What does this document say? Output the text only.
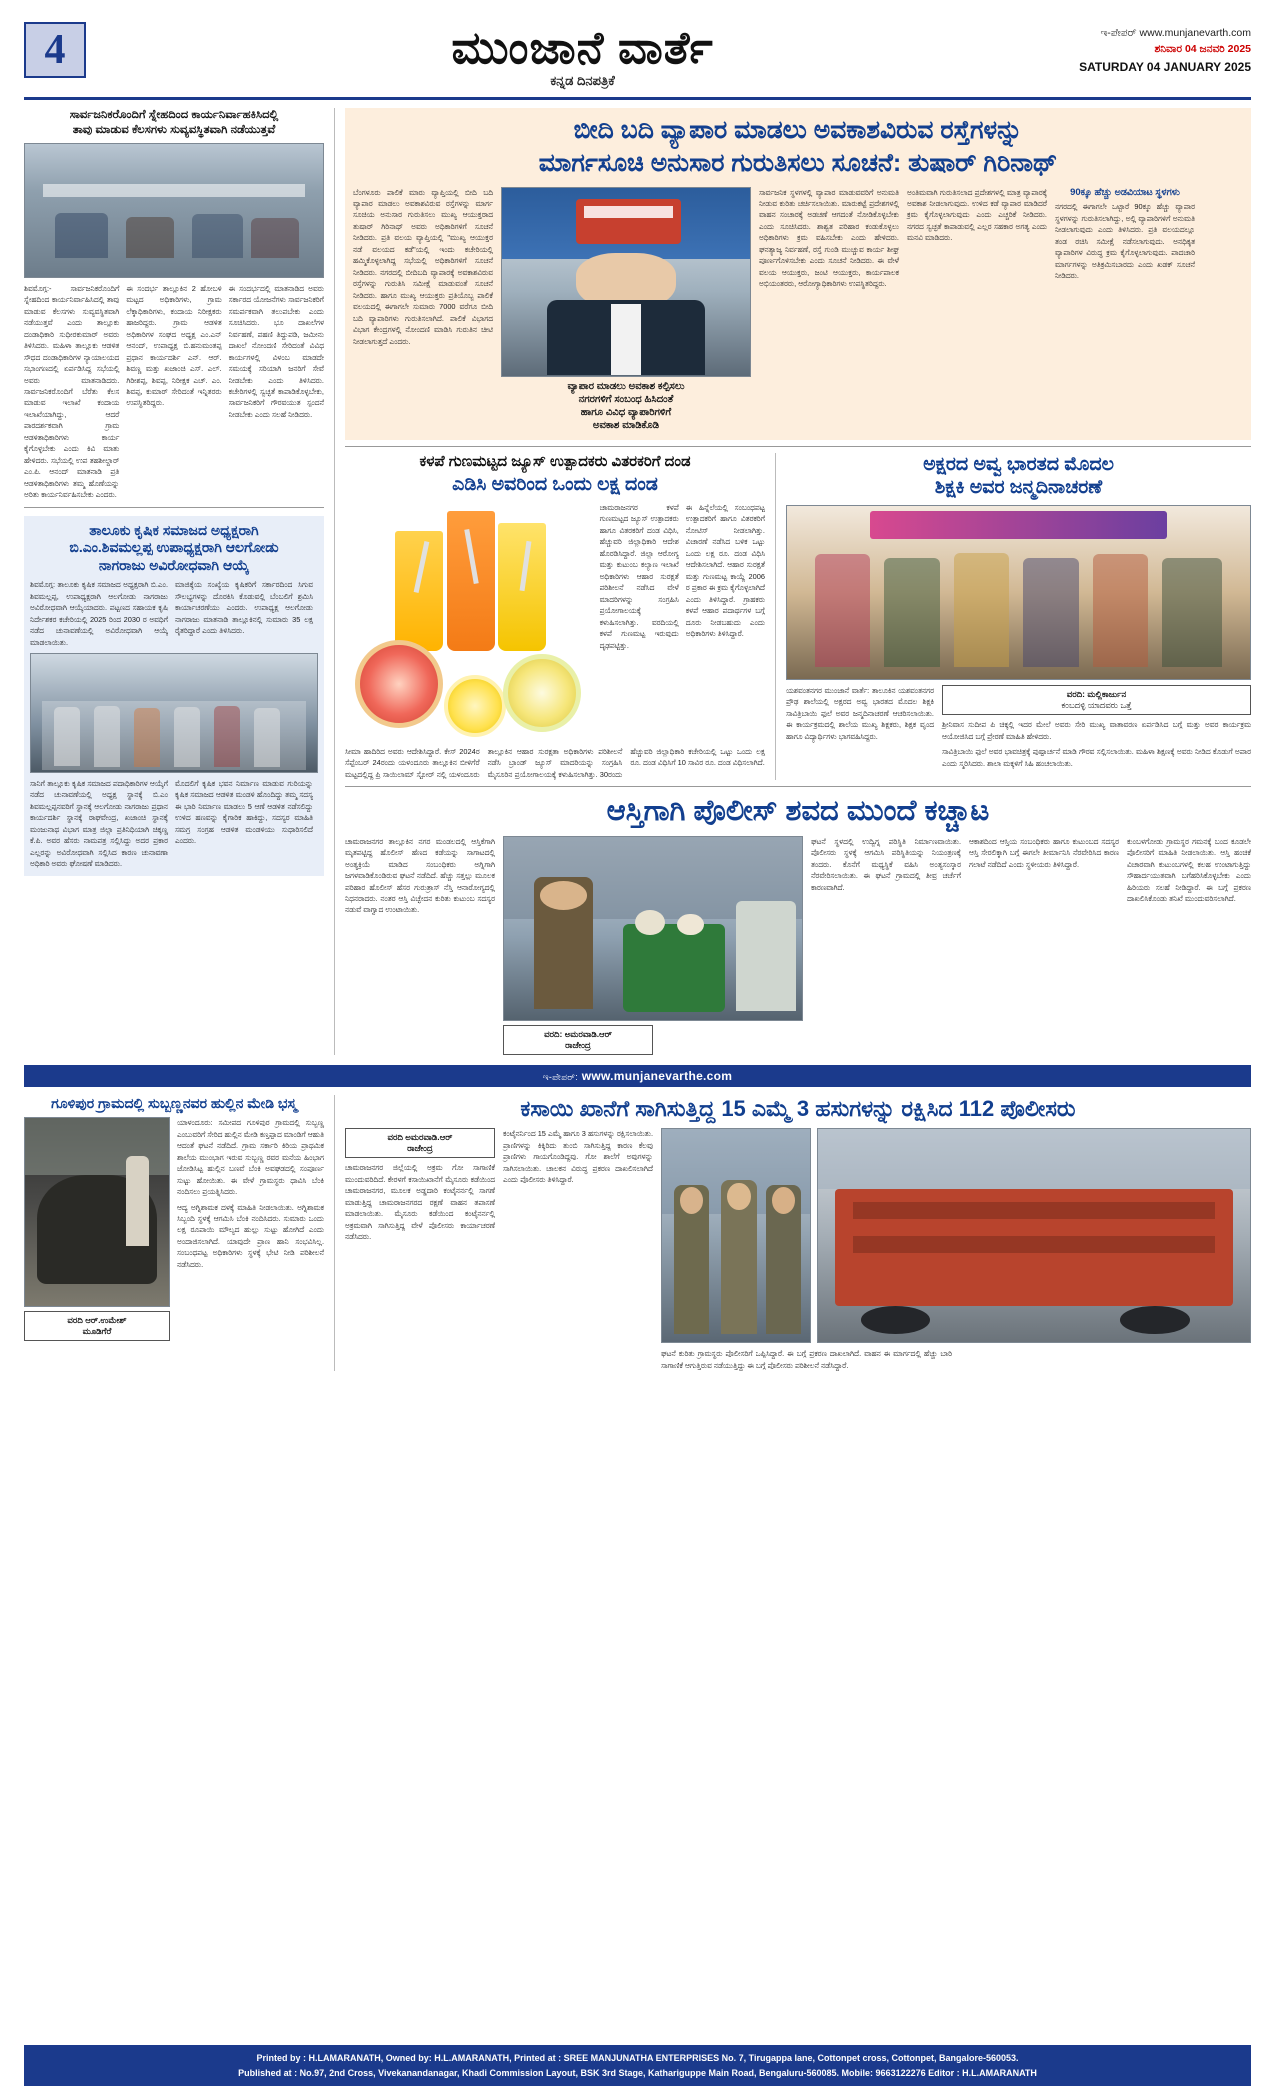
4	ಮುಂಜಾನೆ ವಾರ್ತೆ
ಕನ್ನಡ ದಿನಪತ್ರಿಕೆ
ಇ-ಪೇಪರ್ www.munjanevarth.com
ಶನಿವಾರ 04 ಜನವರಿ 2025
SATURDAY 04 JANUARY 2025
ಸಾರ್ವಜನಿಕರೊಂದಿಗೆ ಸ್ನೇಹದಿಂದ ಕಾರ್ಯನಿರ್ವಾಹಕಿಸಿದಲ್ಲಿ
ತಾವು ಮಾಡುವ ಕೆಲಸಗಳು ಸುವ್ಯವಸ್ಥಿತವಾಗಿ ನಡೆಯುತ್ತವೆ
ಶಿವಮೊಗ್ಗ:- ಸಾರ್ವಜನಿಕರೊಂದಿಗೆ ಸ್ನೇಹದಿಂದ ಕಾರ್ಯನಿರ್ವಾಹಿಸಿದಲ್ಲಿ ತಾವು ಮಾಡುವ ಕೆಲಸಗಳು ಸುವ್ಯವಸ್ಥಿತವಾಗಿ ನಡೆಯುತ್ತವೆ ಎಂದು ತಾಲ್ಲೂಕು ದಂಡಾಧಿಕಾರಿ ಸುಧೀರಕುಮಾರ್ ಅವರು ತಿಳಿಸಿದರು. ಮಹಿಳಾ ತಾಲ್ಲೂಕು ಆಡಳಿತ ಸೌಧದ ದಂಡಾಧಿಕಾರಿಗಳ ನ್ಯಾಯಾಲಯದ ಸಭಾಂಗಣದಲ್ಲಿ ಏರ್ಪಡಿಸಿದ್ದ ಸಭೆಯಲ್ಲಿ ಅವರು ಮಾತನಾಡಿದರು. ಸಾರ್ವಜನಿಕರೊಂದಿಗೆ ಬೆರೆತು ಕೆಲಸ ಮಾಡುವ ಇಲಾಖೆ ಕಂದಾಯ ಇಲಾಖೆಯಾಗಿದ್ದು, ಆದರೆ ಪಾರದರ್ಶಕವಾಗಿ ಗ್ರಾಮ ಆಡಳಿತಾಧಿಕಾರಿಗಳು ಕಾರ್ಯ ಕೈಗೊಳ್ಳಬೇಕು ಎಂದು ಕಿವಿ ಮಾತು ಹೇಳಿದರು. ಸಭೆಯಲ್ಲಿ ಉಪ ತಹಶೀಲ್ದಾರ್ ಎಂ.ಪಿ. ಆನಂದ್ ಮಾತನಾಡಿ ಪ್ರತಿ ಆಡಳಿತಾಧಿಕಾರಿಗಳು ತಮ್ಮ ಹೊಣೆಯನ್ನು ಅರಿತು ಕಾರ್ಯನಿರ್ವಹಿಸಬೇಕು ಎಂದರು.
ಈ ಸಂದರ್ಭ ತಾಲ್ಲೂಕಿನ 2 ಹೋಬಳಿ ಮಟ್ಟದ ಅಧಿಕಾರಿಗಳು, ಗ್ರಾಮ ಲೆಕ್ಕಾಧಿಕಾರಿಗಳು, ಕಂದಾಯ ನಿರೀಕ್ಷಕರು ಹಾಜರಿದ್ದರು. ಗ್ರಾಮ ಆಡಳಿತ ಅಧಿಕಾರಿಗಳ ಸಂಘದ ಅಧ್ಯಕ್ಷ ಎಂ.ಎನ್ ಆನಂದ್, ಉಪಾಧ್ಯಕ್ಷ ಬಿ.ಹನುಮಂತಪ್ಪ ಪ್ರಧಾನ ಕಾರ್ಯದರ್ಶಿ ಎನ್. ಆರ್. ಶಿವಣ್ಣ ಮತ್ತು ಖಜಾಂಚಿ ಎಸ್. ಎಲ್. ಗಿರೀಶಪ್ಪ, ಶಿವಪ್ಪ, ನಿರೀಕ್ಷಕ ಎಚ್. ಎಂ. ಶಿವಪ್ಪ, ಕುಮಾರ್ ಸೇರಿದಂತೆ ಇನ್ನಿತರರು ಉಪಸ್ಥಿತರಿದ್ದರು.
ಈ ಸಂದರ್ಭದಲ್ಲಿ ಮಾತನಾಡಿದ ಅವರು ಸರ್ಕಾರದ ಯೋಜನೆಗಳು ಸಾರ್ವಜನಿಕರಿಗೆ ಸಮರ್ಪಕವಾಗಿ ತಲುಪಬೇಕು ಎಂದು ಸೂಚಿಸಿದರು. ಭೂ ದಾಖಲೆಗಳ ನಿರ್ವಹಣೆ, ಪಹಣಿ ತಿದ್ದುಪಡಿ, ಜಮೀನು ದಾಖಲೆ ನೋಂದಣಿ ಸೇರಿದಂತೆ ವಿವಿಧ ಕಾರ್ಯಗಳಲ್ಲಿ ವಿಳಂಬ ಮಾಡದೇ ಸಮಯಕ್ಕೆ ಸರಿಯಾಗಿ ಜನರಿಗೆ ಸೇವೆ ನೀಡಬೇಕು ಎಂದು ತಿಳಿಸಿದರು. ಕಚೇರಿಗಳಲ್ಲಿ ಸ್ವಚ್ಛತೆ ಕಾಪಾಡಿಕೊಳ್ಳಬೇಕು, ಸಾರ್ವಜನಿಕರಿಗೆ ಗೌರವಯುತ ಸ್ಪಂದನೆ ನೀಡಬೇಕು ಎಂದು ಸಲಹೆ ನೀಡಿದರು.
ತಾಲೂಕು ಕೃಷಿಕ ಸಮಾಜದ ಅಧ್ಯಕ್ಷರಾಗಿ
ಬಿ.ಎಂ.ಶಿವಮಲ್ಲಪ್ಪ ಉಪಾಧ್ಯಕ್ಷರಾಗಿ ಆಲಗೋಡು
ನಾಗರಾಜು ಅವಿರೋಧವಾಗಿ ಆಯ್ಕೆ
ಶಿವಮೊಗ್ಗ: ತಾಲೂಕು ಕೃಷಿಕ ಸಮಾಜದ ಅಧ್ಯಕ್ಷರಾಗಿ ಬಿ.ಎಂ. ಶಿವಮಲ್ಲಪ್ಪ, ಉಪಾಧ್ಯಕ್ಷರಾಗಿ ಆಲಗೋಡು ನಾಗರಾಜು ಅವಿರೋಧವಾಗಿ ಆಯ್ಕೆಯಾದರು. ಪಟ್ಟಣದ ಸಹಾಯಕ ಕೃಷಿ ನಿರ್ದೇಶಕರ ಕಚೇರಿಯಲ್ಲಿ 2025 ರಿಂದ 2030 ರ ಅವಧಿಗೆ ನಡೆದ ಚುನಾವಣೆಯಲ್ಲಿ ಅವಿರೋಧವಾಗಿ ಆಯ್ಕೆ ಮಾಡಲಾಯಿತು.
ಮಾಜಿಕ್ಕೆಯ ಸಂಖ್ಯೆಯ ಕೃಷಿಕರಿಗೆ ಸರ್ಕಾರದಿಂದ ಸಿಗುವ ಸೌಲಭ್ಯಗಳನ್ನು ದೊರಕಿಸಿ ಕೊಡುವಲ್ಲಿ ಬೆಂಬಲಿಗೆ ಶ್ರಮಿಸಿ ಕಾರ್ಯಾಚರಣೆಯು ಎಂದರು. ಉಪಾಧ್ಯಕ್ಷ ಆಲಗೋಡು ನಾಗರಾಜು ಮಾತನಾಡಿ ತಾಲ್ಲೂಕಿನಲ್ಲಿ ಸುಮಾರು 35 ಲಕ್ಷ ರೈತರಿದ್ದಾರೆ ಎಂದು ತಿಳಿಸಿದರು.
ಸಾನಿಗೆ ತಾಲ್ಲೂಕು ಕೃಷಿಕ ಸಮಾಜದ ಪದಾಧಿಕಾರಿಗಳ ಆಯ್ಕೆಗೆ ನಡೆದ ಚುನಾವಣೆಯಲ್ಲಿ ಅಧ್ಯಕ್ಷ ಸ್ಥಾನಕ್ಕೆ ಬಿ.ಎಂ ಶಿವಮಲ್ಲಪ್ಪನವರಿಗೆ ಸ್ಥಾನಕ್ಕೆ ಆಲಗೋಡು ನಾಗರಾಜು ಪ್ರಧಾನ ಕಾರ್ಯದರ್ಶಿ ಸ್ಥಾನಕ್ಕೆ ರಾಘವೇಂದ್ರ, ಖಜಾಂಚಿ ಸ್ಥಾನಕ್ಕೆ ಮಂಜುನಾಥ ವಿಭಾಗ ಮಾತ್ರ ಜಿಲ್ಲಾ ಪ್ರತಿನಿಧಿಯಾಗಿ ಚಿಕ್ಕಣ್ಣ ಕೆ.ಪಿ. ಅವರ ಹೆಸರು ನಾಮಪತ್ರ ಸಲ್ಲಿಸಿದ್ದು ಅದರ ಪ್ರಕಾರ ಎಲ್ಲರನ್ನು ಅವಿರೋಧವಾಗಿ ಸಲ್ಲಿಸಿದ ಕಾರಣ ಚುನಾವಣಾ ಅಧಿಕಾರಿ ಅವರು ಘೋಷಣೆ ಮಾಡಿದರು.
ಮೊದಲಿಗೆ ಕೃಷಿಕ ಭವನ ನಿರ್ಮಾಣ ಮಾಡುವ ಗುರಿಯನ್ನು ಕೃಷಿಕ ಸಮಾಜದ ಆಡಳಿತ ಮಂಡಳಿ ಹೊಂದಿದ್ದು ತಮ್ಮ ಸದಸ್ಯ ಈ ಭಾರಿ ನಿರ್ಮಾಣ ಮಾಡಲು 5 ಆಣೆ ಆಡಳಿತ ನಡೆಸಲಿದ್ದು ಉಳಿದ ಹಣವನ್ನು ಕೈಗಾರಿಕ ಹಾಕಿದ್ದು, ಸದಸ್ಯರ ಮಾಹಿತಿ ಸಮಗ್ರ ಸಂಗ್ರಹ ಆಡಳಿತ ಮಂಡಳಿಯು ಸುಧಾರಿಸಲಿದೆ ಎಂದರು.
ಬೀದಿ ಬದಿ ವ್ಯಾಪಾರ ಮಾಡಲು ಅವಕಾಶವಿರುವ ರಸ್ತೆಗಳನ್ನು
ಮಾರ್ಗಸೂಚಿ ಅನುಸಾರ ಗುರುತಿಸಲು ಸೂಚನೆ: ತುಷಾರ್ ಗಿರಿನಾಥ್
ಬೆಂಗಳೂರು ಪಾಲಿಕೆ ಮಾರು ವ್ಯಾಪ್ತಿಯಲ್ಲಿ ಬೀದಿ ಬದಿ ವ್ಯಾಪಾರ ಮಾಡಲು ಅವಕಾಶವಿರುವ ರಸ್ತೆಗಳನ್ನು ಮಾರ್ಗ ಸೂಚಿಯ ಅನುಸಾರ ಗುರುತಿಸಲು ಮುಖ್ಯ ಆಯುಕ್ತರಾದ ತುಷಾರ್ ಗಿರಿನಾಥ್ ಅವರು ಅಧಿಕಾರಿಗಳಿಗೆ ಸೂಚನೆ ನೀಡಿದರು. ಪ್ರತಿ ವಲಯ ವ್ಯಾಪ್ತಿಯಲ್ಲಿ "ಮುಖ್ಯ ಆಯುಕ್ತರ ನಡೆ ವಲಯದ ಕಡೆ"ಯಲ್ಲಿ ಇಂದು ಕಚೇರಿಯಲ್ಲಿ ಹಮ್ಮಿಕೊಳ್ಳಲಾಗಿದ್ದ ಸಭೆಯಲ್ಲಿ ಅಧಿಕಾರಿಗಳಿಗೆ ಸೂಚನೆ ನೀಡಿದರು. ನಗರದಲ್ಲಿ ಬೀದಿಬದಿ ವ್ಯಾಪಾರಕ್ಕೆ ಅವಕಾಶವಿರುವ ರಸ್ತೆಗಳನ್ನು ಗುರುತಿಸಿ ಸಮೀಕ್ಷೆ ಮಾಡುವಂತೆ ಸೂಚನೆ ನೀಡಿದರು. ಹಾಗೂ ಮುಖ್ಯ ಆಯುಕ್ತರು ಪ್ರತಿಯೊಬ್ಬ ಪಾಲಿಕೆ ವಲಯದಲ್ಲಿ ಈಗಾಗಲೇ ಸುಮಾರು 7000 ವರೆಗೂ ಬೀದಿ ಬದಿ ವ್ಯಾಪಾರಿಗಳು ಗುರುತಿಸಲಾಗಿದೆ. ಪಾಲಿಕೆ ವಿಭಾಗದ ವಿಭಾಗ ಕೇಂದ್ರಗಳಲ್ಲಿ ನೋಂದಣಿ ಮಾಡಿಸಿ ಗುರುತಿನ ಚೀಟಿ ನೀಡಲಾಗುತ್ತದೆ ಎಂದರು.
ವ್ಯಾಪಾರ ಮಾಡಲು ಅವಕಾಶ ಕಲ್ಪಿಸಲು
ನಗರಗಳಿಗೆ ಸಂಬಂಧ ಹಿಸಿದಂತೆ
ಹಾಗೂ ವಿವಿಧ ವ್ಯಾಪಾರಿಗಳಿಗೆ
ಅವಕಾಶ ಮಾಡಿಕೊಡಿ
ಸಾರ್ವಜನಿಕ ಸ್ಥಳಗಳಲ್ಲಿ ವ್ಯಾಪಾರ ಮಾಡುವವರಿಗೆ ಅನುಮತಿ ನೀಡುವ ಕುರಿತು ಚರ್ಚಿಸಲಾಯಿತು. ಮಾರುಕಟ್ಟೆ ಪ್ರದೇಶಗಳಲ್ಲಿ ವಾಹನ ಸಂಚಾರಕ್ಕೆ ಅಡಚಣೆ ಆಗದಂತೆ ನೋಡಿಕೊಳ್ಳಬೇಕು ಎಂದು ಸೂಚಿಸಿದರು. ಶಾಶ್ವತ ಪರಿಹಾರ ಕಂಡುಕೊಳ್ಳಲು ಅಧಿಕಾರಿಗಳು ಕ್ರಮ ವಹಿಸಬೇಕು ಎಂದು ಹೇಳಿದರು. ಘನತ್ಯಾಜ್ಯ ನಿರ್ವಹಣೆ, ರಸ್ತೆ ಗುಂಡಿ ಮುಚ್ಚುವ ಕಾರ್ಯ ಶೀಘ್ರ ಪೂರ್ಣಗೊಳಿಸಬೇಕು ಎಂದು ಸೂಚನೆ ನೀಡಿದರು. ಈ ವೇಳೆ ವಲಯ ಆಯುಕ್ತರು, ಜಂಟಿ ಆಯುಕ್ತರು, ಕಾರ್ಯಪಾಲಕ ಅಭಿಯಂತರರು, ಆರೋಗ್ಯಾಧಿಕಾರಿಗಳು ಉಪಸ್ಥಿತರಿದ್ದರು.
ಅಂತಿಮವಾಗಿ ಗುರುತಿಸಲಾದ ಪ್ರದೇಶಗಳಲ್ಲಿ ಮಾತ್ರ ವ್ಯಾಪಾರಕ್ಕೆ ಅವಕಾಶ ನೀಡಲಾಗುವುದು. ಉಳಿದ ಕಡೆ ವ್ಯಾಪಾರ ಮಾಡಿದರೆ ಕ್ರಮ ಕೈಗೊಳ್ಳಲಾಗುವುದು ಎಂದು ಎಚ್ಚರಿಕೆ ನೀಡಿದರು. ನಗರದ ಸ್ವಚ್ಛತೆ ಕಾಪಾಡುವಲ್ಲಿ ಎಲ್ಲರ ಸಹಕಾರ ಅಗತ್ಯ ಎಂದು ಮನವಿ ಮಾಡಿದರು.
90ಕ್ಕೂ ಹೆಚ್ಚು ಅಡವಿಯಾಟ ಸ್ಥಳಗಳು
ನಗರದಲ್ಲಿ ಈಗಾಗಲೇ ಒಟ್ಟಾರೆ 90ಕ್ಕೂ ಹೆಚ್ಚು ವ್ಯಾಪಾರ ಸ್ಥಳಗಳನ್ನು ಗುರುತಿಸಲಾಗಿದ್ದು, ಅಲ್ಲಿ ವ್ಯಾಪಾರಿಗಳಿಗೆ ಅನುಮತಿ ನೀಡಲಾಗುವುದು ಎಂದು ತಿಳಿಸಿದರು. ಪ್ರತಿ ವಲಯದಲ್ಲೂ ತಂಡ ರಚಿಸಿ ಸಮೀಕ್ಷೆ ನಡೆಸಲಾಗುವುದು. ಅನಧಿಕೃತ ವ್ಯಾಪಾರಿಗಳ ವಿರುದ್ಧ ಕ್ರಮ ಕೈಗೊಳ್ಳಲಾಗುವುದು. ಪಾದಚಾರಿ ಮಾರ್ಗಗಳನ್ನು ಅತಿಕ್ರಮಿಸಬಾರದು ಎಂದು ಖಡಕ್ ಸೂಚನೆ ನೀಡಿದರು.
ಕಳಪೆ ಗುಣಮಟ್ಟದ ಜ್ಯೂಸ್ ಉತ್ಪಾದಕರು ವಿತರಕರಿಗೆ ದಂಡ
ಎಡಿಸಿ ಅವರಿಂದ ಒಂದು ಲಕ್ಷ ದಂಡ
ಚಾಮರಾಜನಗರ ಕಳಪೆ ಗುಣಮಟ್ಟದ ಜ್ಯೂಸ್ ಉತ್ಪಾದಕರು ಹಾಗೂ ವಿತರಕರಿಗೆ ದಂಡ ವಿಧಿಸಿ, ಹೆಚ್ಚುವರಿ ಜಿಲ್ಲಾಧಿಕಾರಿ ಆದೇಶ ಹೊರಡಿಸಿದ್ದಾರೆ. ಜಿಲ್ಲಾ ಆರೋಗ್ಯ ಮತ್ತು ಕುಟುಂಬ ಕಲ್ಯಾಣ ಇಲಾಖೆ ಅಧಿಕಾರಿಗಳು ಆಹಾರ ಸುರಕ್ಷತೆ ಪರಿಶೀಲನೆ ನಡೆಸಿದ ವೇಳೆ ಮಾದರಿಗಳನ್ನು ಸಂಗ್ರಹಿಸಿ ಪ್ರಯೋಗಾಲಯಕ್ಕೆ ಕಳುಹಿಸಲಾಗಿತ್ತು. ವರದಿಯಲ್ಲಿ ಕಳಪೆ ಗುಣಮಟ್ಟ ಇರುವುದು ದೃಢಪಟ್ಟಿತ್ತು.
ಈ ಹಿನ್ನೆಲೆಯಲ್ಲಿ ಸಂಬಂಧಪಟ್ಟ ಉತ್ಪಾದಕರಿಗೆ ಹಾಗೂ ವಿತರಕರಿಗೆ ನೋಟಿಸ್ ನೀಡಲಾಗಿತ್ತು. ವಿಚಾರಣೆ ನಡೆಸಿದ ಬಳಿಕ ಒಟ್ಟು ಒಂದು ಲಕ್ಷ ರೂ. ದಂಡ ವಿಧಿಸಿ ಆದೇಶಿಸಲಾಗಿದೆ. ಆಹಾರ ಸುರಕ್ಷತೆ ಮತ್ತು ಗುಣಮಟ್ಟ ಕಾಯ್ದೆ 2006 ರ ಪ್ರಕಾರ ಈ ಕ್ರಮ ಕೈಗೊಳ್ಳಲಾಗಿದೆ ಎಂದು ತಿಳಿಸಿದ್ದಾರೆ. ಗ್ರಾಹಕರು ಕಳಪೆ ಆಹಾರ ಪದಾರ್ಥಗಳ ಬಗ್ಗೆ ದೂರು ನೀಡಬಹುದು ಎಂದು ಅಧಿಕಾರಿಗಳು ತಿಳಿಸಿದ್ದಾರೆ.
ಸೀಮಾ ಹಾದಿರಿದ ಅವರು ಆದೇಶಿಸಿದ್ದಾರೆ. ಕೇಸ್ 2024ರ ಸೆಪ್ಟೆಂಬರ್ 24ರಂದು ಯಳಂದೂರು ತಾಲ್ಲೂಕಿನ ಬೀಳಿಗೆರೆ ಮಟ್ಟದಲ್ಲಿದ್ದ ಪ್ರಿ ಸಾಯಿಲಾಮ್ ಸ್ಟೋರ್ ನಲ್ಲಿ ಯಳಂದೂರು ತಾಲ್ಲೂಕಿನ ಆಹಾರ ಸುರಕ್ಷತಾ ಅಧಿಕಾರಿಗಳು ಪರಿಶೀಲನೆ ನಡೆಸಿ ಬ್ರಾಂಡ್ ಜ್ಯೂಸ್ ಮಾದರಿಯನ್ನು ಸಂಗ್ರಹಿಸಿ ಮೈಸೂರಿನ ಪ್ರಯೋಗಾಲಯಕ್ಕೆ ಕಳುಹಿಸಲಾಗಿತ್ತು. 30ರಂದು ಹೆಚ್ಚುವರಿ ಜಿಲ್ಲಾಧಿಕಾರಿ ಕಚೇರಿಯಲ್ಲಿ ಒಟ್ಟು ಒಂದು ಲಕ್ಷ ರೂ. ದಂಡ ವಿಧಿಸಿಗೆ 10 ಸಾವಿರ ರೂ. ದಂಡ ವಿಧಿಸಲಾಗಿದೆ.
ಅಕ್ಷರದ ಅವ್ವ ಭಾರತದ ಮೊದಲ
ಶಿಕ್ಷಕಿ ಅವರ ಜನ್ಮದಿನಾಚರಣೆ
ಯಶವಂತನಗರ ಮುಂಜಾನೆ ವಾರ್ತೆ: ತಾಲೂಕಿನ ಯಶವಂತನಗರ ಪ್ರೌಢ ಶಾಲೆಯಲ್ಲಿ ಅಕ್ಷರದ ಅವ್ವ ಭಾರತದ ಮೊದಲ ಶಿಕ್ಷಕಿ ಸಾವಿತ್ರಿಬಾಯಿ ಫುಲೆ ಅವರ ಜನ್ಮದಿನಾಚರಣೆ ಆಚರಿಸಲಾಯಿತು. ಈ ಕಾರ್ಯಕ್ರಮದಲ್ಲಿ ಶಾಲೆಯ ಮುಖ್ಯ ಶಿಕ್ಷಕರು, ಶಿಕ್ಷಕ ವೃಂದ ಹಾಗೂ ವಿದ್ಯಾರ್ಥಿಗಳು ಭಾಗವಹಿಸಿದ್ದರು.
ವರದಿ: ಮಲ್ಲಿಕಾರ್ಜುನ
ಕಂಬದಳ್ಳಿ ಯಾದವರು ಒತ್ತೆ
ಶ್ರೀನಿವಾಸ ಸುದೀಪ ಪಿ ಚಿಕ್ಕಲ್ಲಿ ಇದರ ಮೇಲೆ ಅವರು ಸೇರಿ ಮುಖ್ಯ ವಾತಾವರಣ ಏರ್ಪಡಿಸಿದ ಬಗ್ಗೆ ಮತ್ತು ಅವರ ಕಾರ್ಯಕ್ರಮ ಆಯೋಜಿಸಿದ ಬಗ್ಗೆ ಪ್ರೇರಣೆ ಮಾಹಿತಿ ಹೇಳಿದರು.
ಸಾವಿತ್ರಿಬಾಯಿ ಫುಲೆ ಅವರ ಭಾವಚಿತ್ರಕ್ಕೆ ಪುಷ್ಪಾರ್ಚನೆ ಮಾಡಿ ಗೌರವ ಸಲ್ಲಿಸಲಾಯಿತು. ಮಹಿಳಾ ಶಿಕ್ಷಣಕ್ಕೆ ಅವರು ನೀಡಿದ ಕೊಡುಗೆ ಅಪಾರ ಎಂದು ಸ್ಮರಿಸಿದರು. ಶಾಲಾ ಮಕ್ಕಳಿಗೆ ಸಿಹಿ ಹಂಚಲಾಯಿತು.
ಆಸ್ತಿಗಾಗಿ ಪೊಲೀಸ್ ಶವದ ಮುಂದೆ ಕಚ್ಚಾಟ
ಚಾಮರಾಜನಗರ ತಾಲ್ಲೂಕಿನ ನಗರ ಮಂಡಲದಲ್ಲಿ ಆಸ್ತಿಕೆಗಾಗಿ ಮೃತಪಟ್ಟಿದ್ದ ಹೊಲೀಸ್ ಹೆಣದ ಕಡೆಯನ್ನು ಸಾಗಾಟದಲ್ಲಿ ಅಂತ್ಯಕ್ರಿಯೆ ಮಾಡಿದ ಸಂಬಂಧಿಕರು ಅಗ್ನಿಗಾಗಿ ಜಗಳವಾಡಿಕೊಂಡಿರುವ ಘಟನೆ ನಡೆದಿದೆ. ಹೆಚ್ಚು ಸತ್ತಲ್ಲು ಮೂಲಕ ಪರಿಹಾರ ಹೊಲೀಸ್ ಹೆಸರ ಗುರುತ್ರಾಸ್ ನೆಸ್ತಿ ಆನಾರೋಗ್ಯದಲ್ಲಿ ನಿಧನರಾದರು. ನಂತರ ಆಸ್ತಿ ವಿಚ್ಛೇದನ ಕುರಿತು ಕುಟುಂಬ ಸದಸ್ಯರ ನಡುವೆ ವಾಗ್ವಾದ ಉಂಟಾಯಿತು.
ವರದಿ: ಅಮರವಾಡಿ.ಆರ್
ರಾಜೇಂದ್ರ
ಘಟನೆ ಸ್ಥಳದಲ್ಲಿ ಉದ್ವಿಗ್ನ ಪರಿಸ್ಥಿತಿ ನಿರ್ಮಾಣವಾಯಿತು. ಪೊಲೀಸರು ಸ್ಥಳಕ್ಕೆ ಆಗಮಿಸಿ ಪರಿಸ್ಥಿತಿಯನ್ನು ನಿಯಂತ್ರಣಕ್ಕೆ ತಂದರು. ಕೊನೆಗೆ ಮಧ್ಯಸ್ಥಿಕೆ ವಹಿಸಿ ಅಂತ್ಯಸಂಸ್ಕಾರ ನೆರವೇರಿಸಲಾಯಿತು. ಈ ಘಟನೆ ಗ್ರಾಮದಲ್ಲಿ ತೀವ್ರ ಚರ್ಚೆಗೆ ಕಾರಣವಾಗಿದೆ.
ಆಕಾಶದಿಂದ ಆಸ್ತಿಯ ಸಂಬಂಧಿಕರು ಹಾಗೂ ಕುಟುಂಬದ ಸದಸ್ಯರ ಆಸ್ತಿ ಸೇರಲಿಕ್ಕಾಗಿ ಬಗ್ಗೆ ಈಗಲೇ ತೀರ್ಮಾನಿಸಿ ನೆರವೇರಿಸಿದ ಕಾರಣ ಗಲಾಟೆ ನಡೆದಿದೆ ಎಂದು ಸ್ಥಳೀಯರು ತಿಳಿಸಿದ್ದಾರೆ.
ಕುಂಬಳಗೋಡು ಗ್ರಾಮಸ್ಥರ ಗಮನಕ್ಕೆ ಬಂದ ಕೂಡಲೇ ಪೊಲೀಸರಿಗೆ ಮಾಹಿತಿ ನೀಡಲಾಯಿತು. ಆಸ್ತಿ ಹಂಚಿಕೆ ವಿಚಾರವಾಗಿ ಕುಟುಂಬಗಳಲ್ಲಿ ಕಲಹ ಉಂಟಾಗುತ್ತಿದ್ದು ಸೌಹಾರ್ದಯುತವಾಗಿ ಬಗೆಹರಿಸಿಕೊಳ್ಳಬೇಕು ಎಂದು ಹಿರಿಯರು ಸಲಹೆ ನೀಡಿದ್ದಾರೆ. ಈ ಬಗ್ಗೆ ಪ್ರಕರಣ ದಾಖಲಿಸಿಕೊಂಡು ತನಿಖೆ ಮುಂದುವರಿಸಲಾಗಿದೆ.
ಇ-ಪೇಪರ್: www.munjanevarthe.com
ಗೂಳಿಪುರ ಗ್ರಾಮದಲ್ಲಿ ಸುಬ್ಬಣ್ಣನವರ ಹುಲ್ಲಿನ ಮೇಡಿ ಭಸ್ಮ
ವರದಿ ಆರ್.ಉಮೇಶ್
ಮೂಡಿಗೆರೆ
ಯಾಳಂದೂರು: ಸಮೀಪದ ಗೂಳಿಪುರ ಗ್ರಾಮದಲ್ಲಿ ಸುಬ್ಬಣ್ಣ ಎಂಬುವರಿಗೆ ಸೇರಿದ ಹುಲ್ಲಿನ ಮೇಡಿ ಕಣ್ತಪ್ಪಾದ ಮಾಂಡಿಗೆ ಆಹುತಿ ಆದಂತೆ ಘಟನೆ ನಡೆದಿದೆ. ಗ್ರಾಮ ಸರ್ಕಾರಿ ಕಿರಿಯ ಪ್ರಾಥಮಿಕ ಶಾಲೆಯ ಮುಂಭಾಗ ಇರುವ ಸುಬ್ಬಣ್ಣ ರವರ ಮನೆಯ ಹಿಂಭಾಗ ಜೋಡಿಸಿಟ್ಟ ಹುಲ್ಲಿನ ಬಣವೆ ಬೆಂಕಿ ಅವಘಡದಲ್ಲಿ ಸಂಪೂರ್ಣ ಸುಟ್ಟು ಹೋಯಿತು. ಈ ವೇಳೆ ಗ್ರಾಮಸ್ಥರು ಧಾವಿಸಿ ಬೆಂಕಿ ನಂದಿಸಲು ಪ್ರಯತ್ನಿಸಿದರು.
ಆದ್ಯ ಅಗ್ನಿಶಾಮಕ ದಳಕ್ಕೆ ಮಾಹಿತಿ ನೀಡಲಾಯಿತು. ಅಗ್ನಿಶಾಮಕ ಸಿಬ್ಬಂದಿ ಸ್ಥಳಕ್ಕೆ ಆಗಮಿಸಿ ಬೆಂಕಿ ನಂದಿಸಿದರು. ಸುಮಾರು ಒಂದು ಲಕ್ಷ ರೂಪಾಯಿ ಮೌಲ್ಯದ ಹುಲ್ಲು ಸುಟ್ಟು ಹೋಗಿದೆ ಎಂದು ಅಂದಾಜಿಸಲಾಗಿದೆ. ಯಾವುದೇ ಪ್ರಾಣ ಹಾನಿ ಸಂಭವಿಸಿಲ್ಲ. ಸಂಬಂಧಪಟ್ಟ ಅಧಿಕಾರಿಗಳು ಸ್ಥಳಕ್ಕೆ ಭೇಟಿ ನೀಡಿ ಪರಿಶೀಲನೆ ನಡೆಸಿದರು.
ಕಸಾಯಿ ಖಾನೆಗೆ ಸಾಗಿಸುತ್ತಿದ್ದ 15 ಎಮ್ಮೆ 3 ಹಸುಗಳನ್ನು ರಕ್ಷಿಸಿದ 112 ಪೊಲೀಸರು
ವರದಿ ಅಮರವಾಡಿ.ಆರ್
ರಾಜೇಂದ್ರ
ಚಾಮರಾಜನಗರ ಜಿಲ್ಲೆಯಲ್ಲಿ ಅಕ್ರಮ ಗೋ ಸಾಗಾಣಿಕೆ ಮುಂದುವರಿದಿದೆ. ಕೇರಳಗೆ ಕಸಾಯಿಖಾನೆಗೆ ಮೈಸೂರು ಕಡೆಯಿಂದ ಚಾಮರಾಜನಗರ, ಮೂಲಕ ಅಡ್ಡದಾರಿ ಕಂಟೈನರ್ನಲ್ಲಿ ಸಾಗಣೆ ಮಾಡುತ್ತಿದ್ದ ಚಾಮರಾಜನಗರದ ರಕ್ಷಣೆ ವಾಹನ ತಪಾಸಣೆ ಮಾಡಲಾಯಿತು. ಮೈಸೂರು ಕಡೆಯಿಂದ ಕಂಟೈನರ್ನಲ್ಲಿ ಅಕ್ರಮವಾಗಿ ಸಾಗಿಸುತ್ತಿದ್ದ ವೇಳೆ ಪೊಲೀಸರು ಕಾರ್ಯಾಚರಣೆ ನಡೆಸಿದರು.
ಕಂಟೈನರ್ನಿಂದ 15 ಎಮ್ಮೆ ಹಾಗೂ 3 ಹಸುಗಳನ್ನು ರಕ್ಷಿಸಲಾಯಿತು. ಪ್ರಾಣಿಗಳನ್ನು ಕಿಕ್ಕಿರಿದು ತುಂಬಿ ಸಾಗಿಸುತ್ತಿದ್ದ ಕಾರಣ ಕೆಲವು ಪ್ರಾಣಿಗಳು ಗಾಯಗೊಂಡಿದ್ದವು. ಗೋ ಶಾಲೆಗೆ ಅವುಗಳನ್ನು ಸಾಗಿಸಲಾಯಿತು. ಚಾಲಕನ ವಿರುದ್ಧ ಪ್ರಕರಣ ದಾಖಲಿಸಲಾಗಿದೆ ಎಂದು ಪೊಲೀಸರು ತಿಳಿಸಿದ್ದಾರೆ.
ಘಟನೆ ಕುರಿತು ಗ್ರಾಮಸ್ಥರು ಪೊಲೀಸರಿಗೆ ಒಪ್ಪಿಸಿದ್ದಾರೆ. ಈ ಬಗ್ಗೆ ಪ್ರಕರಣ ದಾಖಲಾಗಿದೆ. ವಾಹನ ಈ ಮಾರ್ಗದಲ್ಲಿ ಹೆಚ್ಚು ಬಾರಿ ಸಾಗಾಣಿಕೆ ಆಗುತ್ತಿರುವ ನಡೆಯುತ್ತಿದ್ದು ಈ ಬಗ್ಗೆ ಪೊಲೀಸರು ಪರಿಶೀಲನೆ ನಡೆಸಿದ್ದಾರೆ.
Printed by : H.LAMARANATH, Owned by: H.L.AMARANATH, Printed at : SREE MANJUNATHA ENTERPRISES No. 7, Tirugappa lane, Cottonpet cross, Cottonpet, Bangalore-560053.
Published at : No.97, 2nd Cross, Vivekanandanagar, Khadi Commission Layout, BSK 3rd Stage, Kathariguppe Main Road, Bengaluru-560085. Mobile: 9663122276 Editor : H.L.AMARANATH
